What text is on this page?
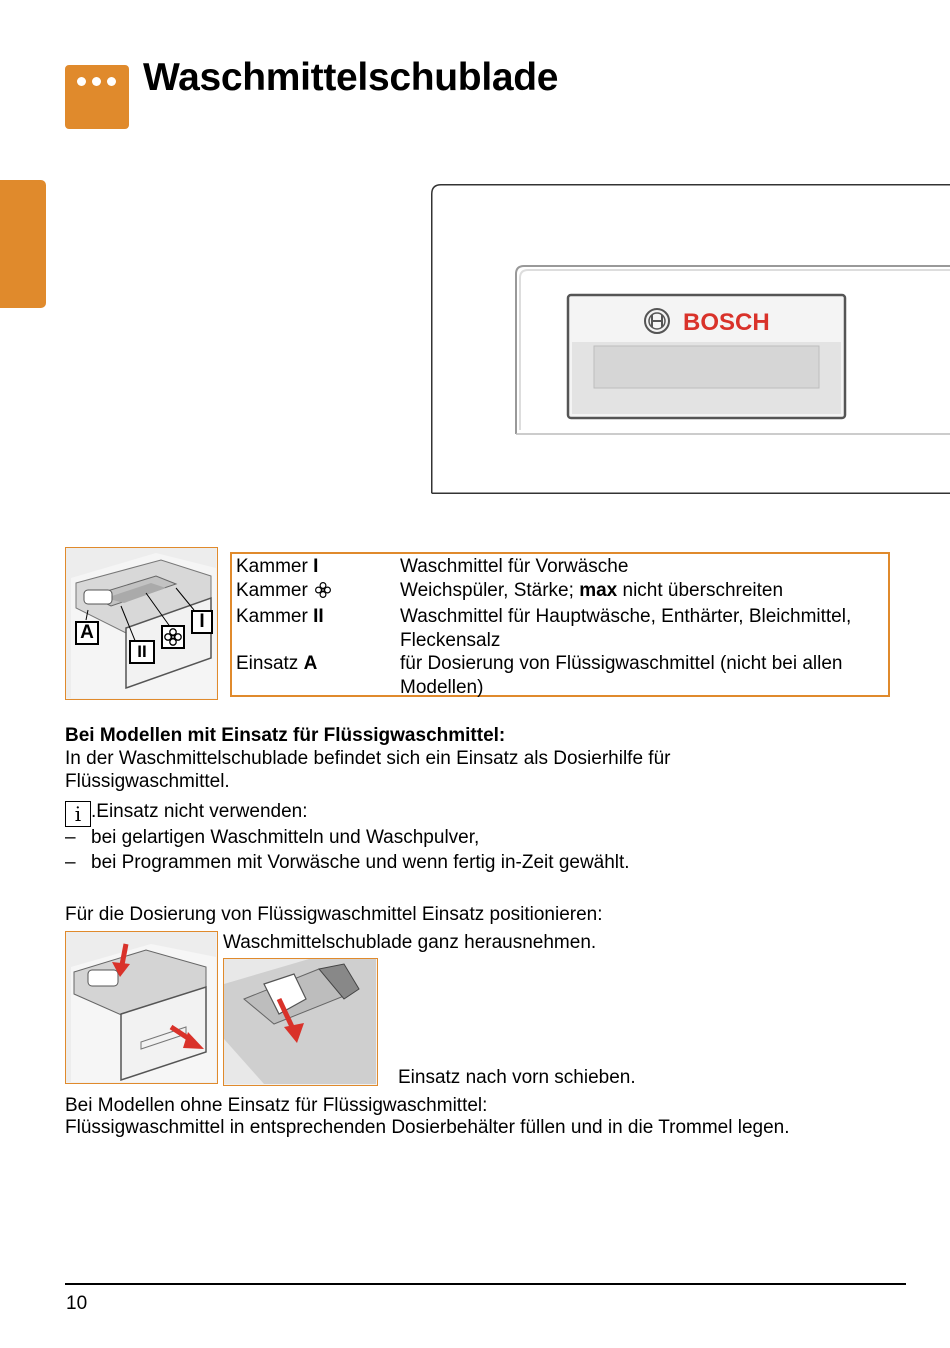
Waschmittelschublade
BOSCH
A
II
I
Kammer I	Waschmittel für Vorwäsche
Kammer	Weichspüler, Stärke; max nicht überschreiten
Kammer II	Waschmittel für Hauptwäsche, Enthärter, Bleichmittel,
Fleckensalz
Einsatz A	für Dosierung von Flüssigwaschmittel (nicht bei allen
Modellen)
Bei Modellen mit Einsatz für Flüssigwaschmittel:
In der Waschmittelschublade befindet sich ein Einsatz als Dosierhilfe für
Flüssigwaschmittel.
i .Einsatz nicht verwenden:
– bei gelartigen Waschmitteln und Waschpulver,
– bei Programmen mit Vorwäsche und wenn fertig in-Zeit gewählt.
Für die Dosierung von Flüssigwaschmittel Einsatz positionieren:
Waschmittelschublade ganz herausnehmen.
Einsatz nach vorn schieben.
Bei Modellen ohne Einsatz für Flüssigwaschmittel:
Flüssigwaschmittel in entsprechenden Dosierbehälter füllen und in die Trommel legen.
10
